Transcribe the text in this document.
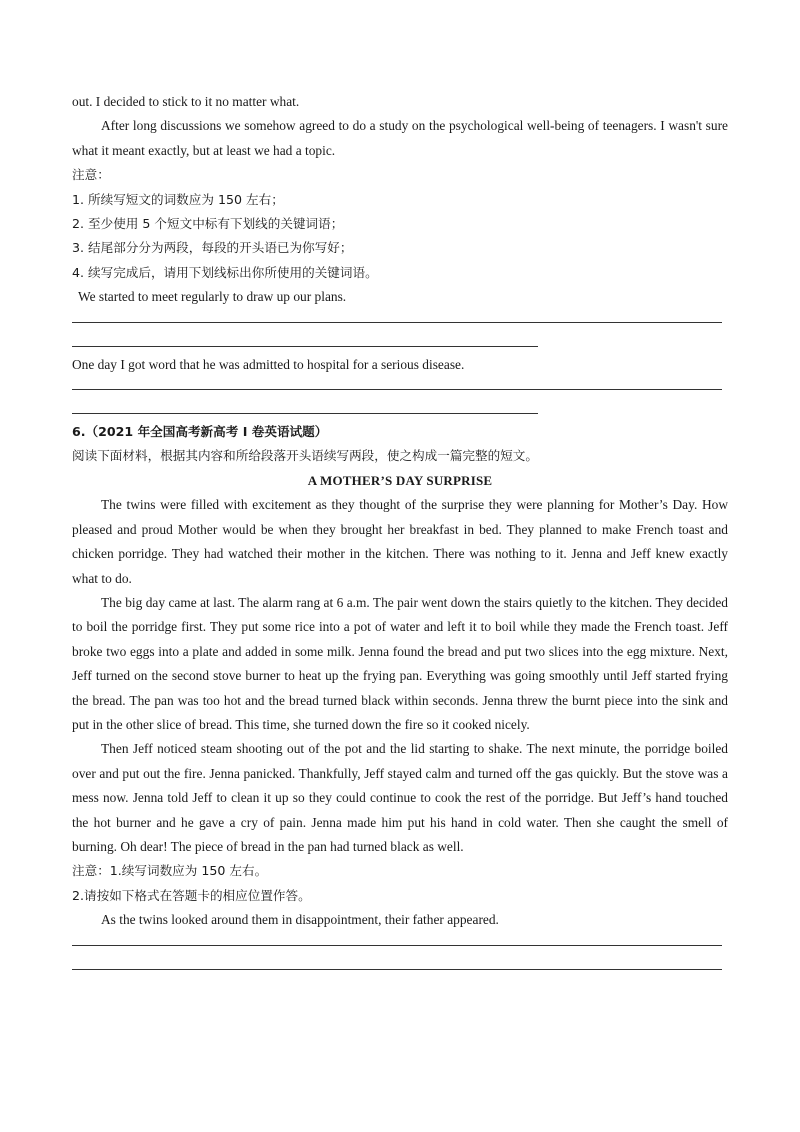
out. I decided to stick to it no matter what.

After long discussions we somehow agreed to do a study on the psychological well-being of teenagers. I wasn't sure what it meant exactly, but at least we had a topic.

注意：

1. 所续写短文的词数应为 150 左右；

2. 至少使用 5 个短文中标有下划线的关键词语；

3. 结尾部分分为两段，每段的开头语已为你写好；

4. 续写完成后，请用下划线标出你所使用的关键词语。

We started to meet regularly to draw up our plans.

One day I got word that he was admitted to hospital for a serious disease.

6.（2021 年全国高考新高考 I 卷英语试题）

阅读下面材料，根据其内容和所给段落开头语续写两段，使之构成一篇完整的短文。

A MOTHER’S DAY SURPRISE

The twins were filled with excitement as they thought of the surprise they were planning for Mother’s Day. How pleased and proud Mother would be when they brought her breakfast in bed. They planned to make French toast and chicken porridge. They had watched their mother in the kitchen. There was nothing to it. Jenna and Jeff knew exactly what to do.

The big day came at last. The alarm rang at 6 a.m. The pair went down the stairs quietly to the kitchen. They decided to boil the porridge first. They put some rice into a pot of water and left it to boil while they made the French toast. Jeff broke two eggs into a plate and added in some milk. Jenna found the bread and put two slices into the egg mixture. Next, Jeff turned on the second stove burner to heat up the frying pan. Everything was going smoothly until Jeff started frying the bread. The pan was too hot and the bread turned black within seconds. Jenna threw the burnt piece into the sink and put in the other slice of bread. This time, she turned down the fire so it cooked nicely.

Then Jeff noticed steam shooting out of the pot and the lid starting to shake. The next minute, the porridge boiled over and put out the fire. Jenna panicked. Thankfully, Jeff stayed calm and turned off the gas quickly. But the stove was a mess now. Jenna told Jeff to clean it up so they could continue to cook the rest of the porridge. But Jeff’s hand touched the hot burner and he gave a cry of pain. Jenna made him put his hand in cold water. Then she caught the smell of burning. Oh dear! The piece of bread in the pan had turned black as well.

注意：1.续写词数应为 150 左右。

2.请按如下格式在答题卡的相应位置作答。

As the twins looked around them in disappointment, their father appeared.
